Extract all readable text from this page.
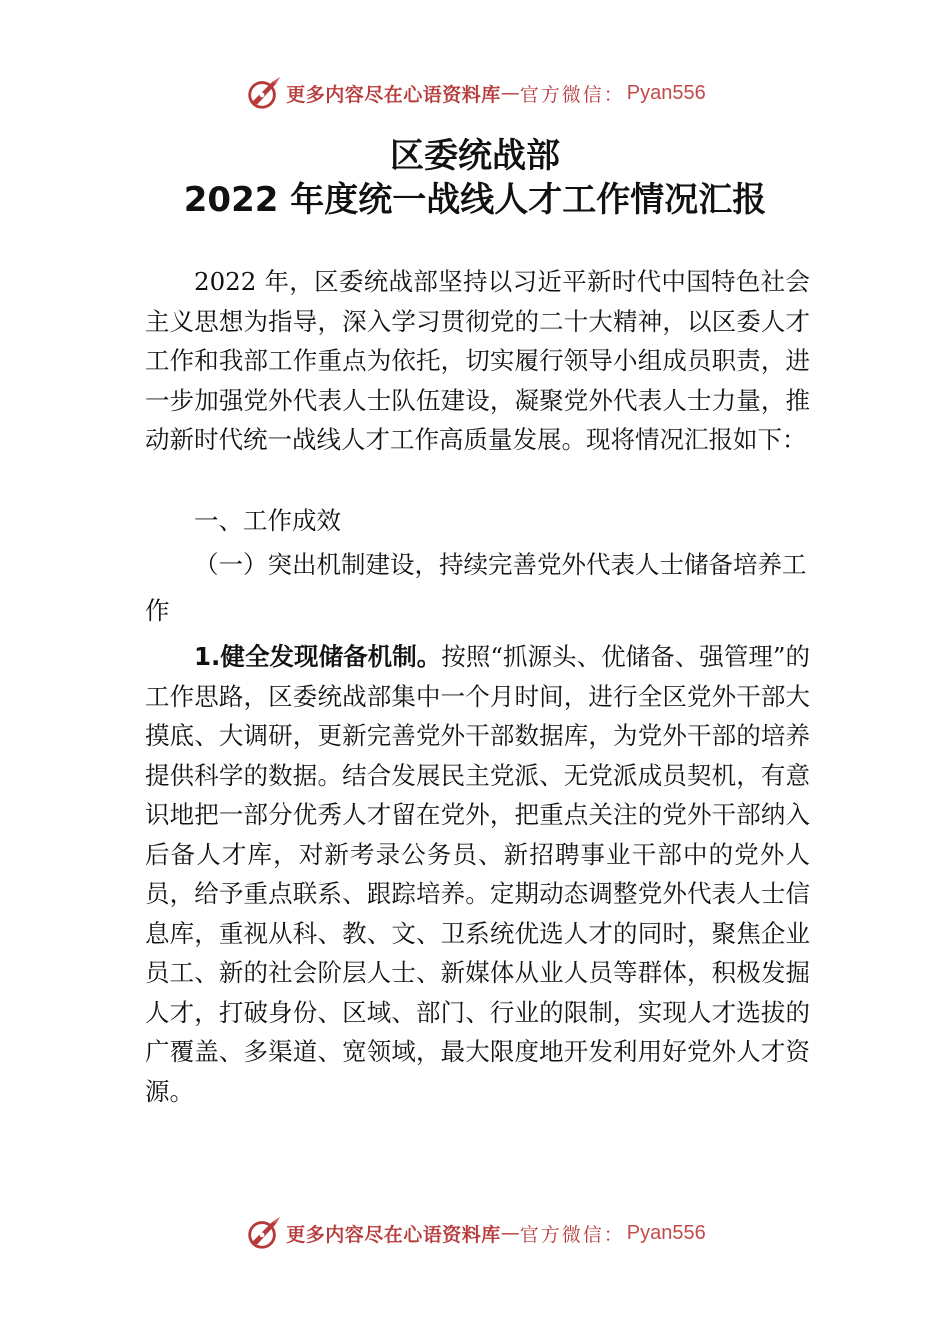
更多内容尽在心语资料库 — 官方微信： Pyan556
区委统战部
2022 年度统一战线人才工作情况汇报

2022 年，区委统战部坚持以习近平新时代中国特色社会主义思想为指导，深入学习贯彻党的二十大精神，以区委人才工作和我部工作重点为依托，切实履行领导小组成员职责，进一步加强党外代表人士队伍建设，凝聚党外代表人士力量，推动新时代统一战线人才工作高质量发展。现将情况汇报如下：

一、工作成效

（一）突出机制建设，持续完善党外代表人士储备培养工作

1.健全发现储备机制。按照“抓源头、优储备、强管理”的工作思路，区委统战部集中一个月时间，进行全区党外干部大摸底、大调研，更新完善党外干部数据库，为党外干部的培养提供科学的数据。结合发展民主党派、无党派成员契机，有意识地把一部分优秀人才留在党外，把重点关注的党外干部纳入后备人才库，对新考录公务员、新招聘事业干部中的党外人员，给予重点联系、跟踪培养。定期动态调整党外代表人士信息库，重视从科、教、文、卫系统优选人才的同时，聚焦企业员工、新的社会阶层人士、新媒体从业人员等群体，积极发掘人才，打破身份、区域、部门、行业的限制，实现人才选拔的广覆盖、多渠道、宽领域，最大限度地开发利用好党外人才资源。

更多内容尽在心语资料库 — 官方微信： Pyan556
